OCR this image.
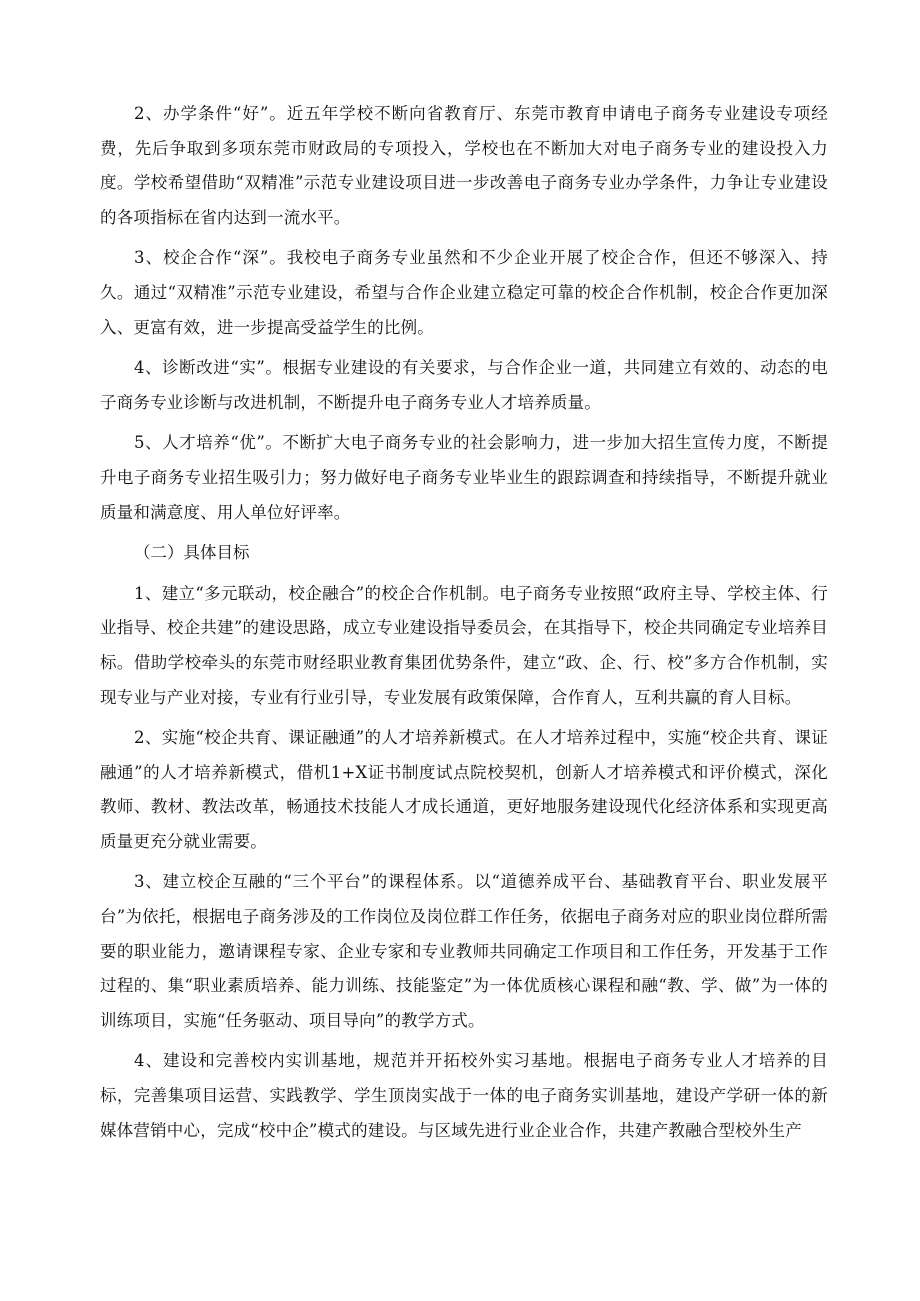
2、办学条件“好”。近五年学校不断向省教育厅、东莞市教育申请电子商务专业建设专项经费，先后争取到多项东莞市财政局的专项投入，学校也在不断加大对电子商务专业的建设投入力度。学校希望借助“双精准”示范专业建设项目进一步改善电子商务专业办学条件，力争让专业建设的各项指标在省内达到一流水平。

3、校企合作“深”。我校电子商务专业虽然和不少企业开展了校企合作，但还不够深入、持久。通过“双精准”示范专业建设，希望与合作企业建立稳定可靠的校企合作机制，校企合作更加深入、更富有效，进一步提高受益学生的比例。

4、诊断改进“实”。根据专业建设的有关要求，与合作企业一道，共同建立有效的、动态的电子商务专业诊断与改进机制，不断提升电子商务专业人才培养质量。

5、人才培养“优”。不断扩大电子商务专业的社会影响力，进一步加大招生宣传力度，不断提升电子商务专业招生吸引力；努力做好电子商务专业毕业生的跟踪调查和持续指导，不断提升就业质量和满意度、用人单位好评率。

（二）具体目标

1、建立“多元联动，校企融合”的校企合作机制。电子商务专业按照“政府主导、学校主体、行业指导、校企共建”的建设思路，成立专业建设指导委员会，在其指导下，校企共同确定专业培养目标。借助学校牵头的东莞市财经职业教育集团优势条件，建立“政、企、行、校”多方合作机制，实现专业与产业对接，专业有行业引导，专业发展有政策保障，合作育人，互利共赢的育人目标。

2、实施“校企共育、课证融通”的人才培养新模式。在人才培养过程中，实施“校企共育、课证融通”的人才培养新模式，借机1+X证书制度试点院校契机，创新人才培养模式和评价模式，深化教师、教材、教法改革，畅通技术技能人才成长通道，更好地服务建设现代化经济体系和实现更高质量更充分就业需要。

3、建立校企互融的“三个平台”的课程体系。以“道德养成平台、基础教育平台、职业发展平台”为依托，根据电子商务涉及的工作岗位及岗位群工作任务，依据电子商务对应的职业岗位群所需要的职业能力，邀请课程专家、企业专家和专业教师共同确定工作项目和工作任务，开发基于工作过程的、集“职业素质培养、能力训练、技能鉴定”为一体优质核心课程和融“教、学、做”为一体的训练项目，实施“任务驱动、项目导向”的教学方式。

4、建设和完善校内实训基地，规范并开拓校外实习基地。根据电子商务专业人才培养的目标，完善集项目运营、实践教学、学生顶岗实战于一体的电子商务实训基地，建设产学研一体的新媒体营销中心，完成“校中企”模式的建设。与区域先进行业企业合作，共建产教融合型校外生产
